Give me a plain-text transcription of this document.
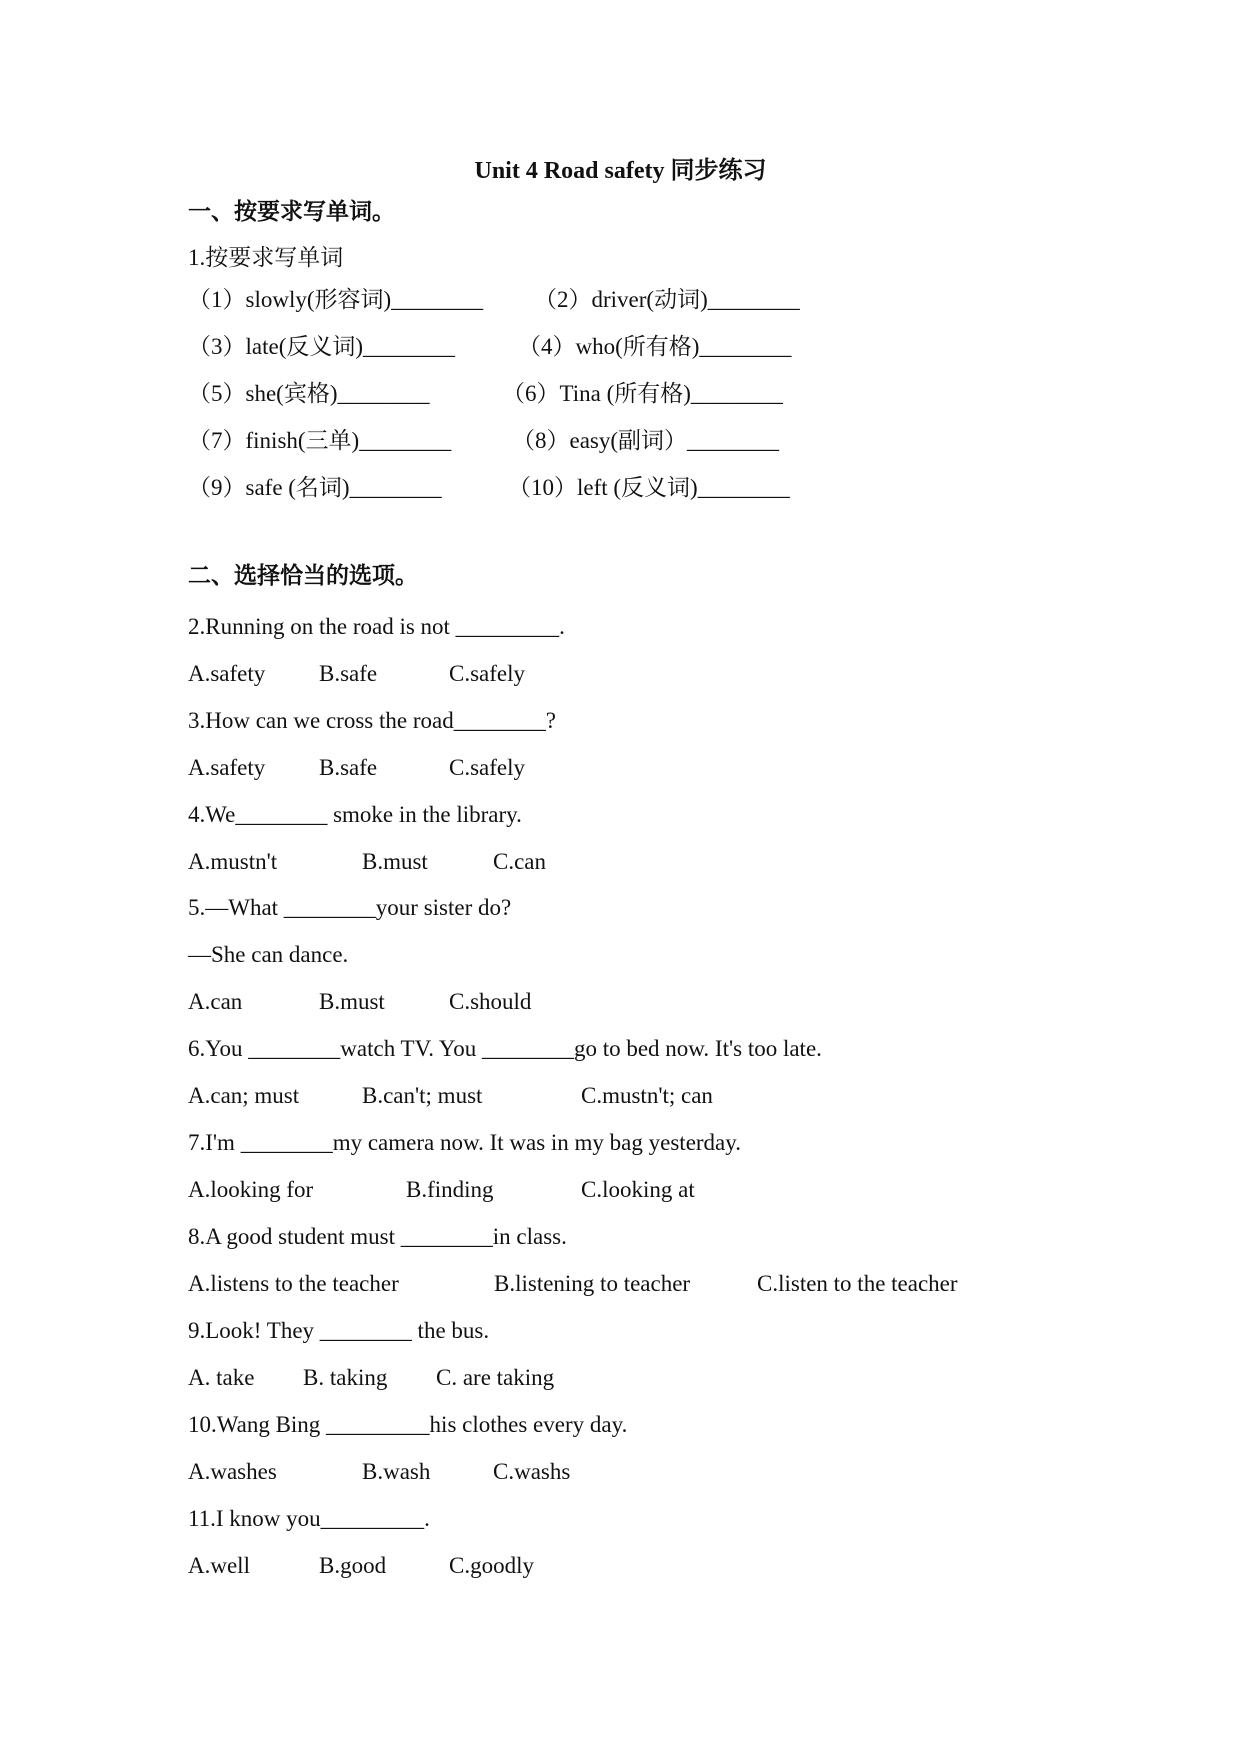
Unit 4 Road safety 同步练习
一、按要求写单词。
1.按要求写单词
（1）slowly(形容词)________ （2）driver(动词)________
（3）late(反义词)________	（4）who(所有格)________
（5）she(宾格)________	（6）Tina (所有格)________
（7）finish(三单)________	（8）easy(副词）________
（9）safe (名词)________	（10）left (反义词)________
二、选择恰当的选项。
2.Running on the road is not _________.
A.safety B.safe	C.safely
3.How can we cross the road________?
A.safety B.safe	C.safely
4.We________ smoke in the library.
A.mustn't	B.must	C.can
5.—What ________your sister do?
—She can dance.
A.can	B.must	C.should
6.You ________watch TV. You ________go to bed now. It's too late.
A.can; must	B.can't; must	C.mustn't; can
7.I'm ________my camera now. It was in my bag yesterday.
A.looking for	B.finding	C.looking at
8.A good student must ________in class.
A.listens to the teacher	B.listening to teacher	C.listen to the teacher
9.Look! They ________ the bus.
A. take B. taking C. are taking
10.Wang Bing _________his clothes every day.
A.washes	B.wash	C.washs
11.I know you_________.
A.well	B.good	C.goodly
